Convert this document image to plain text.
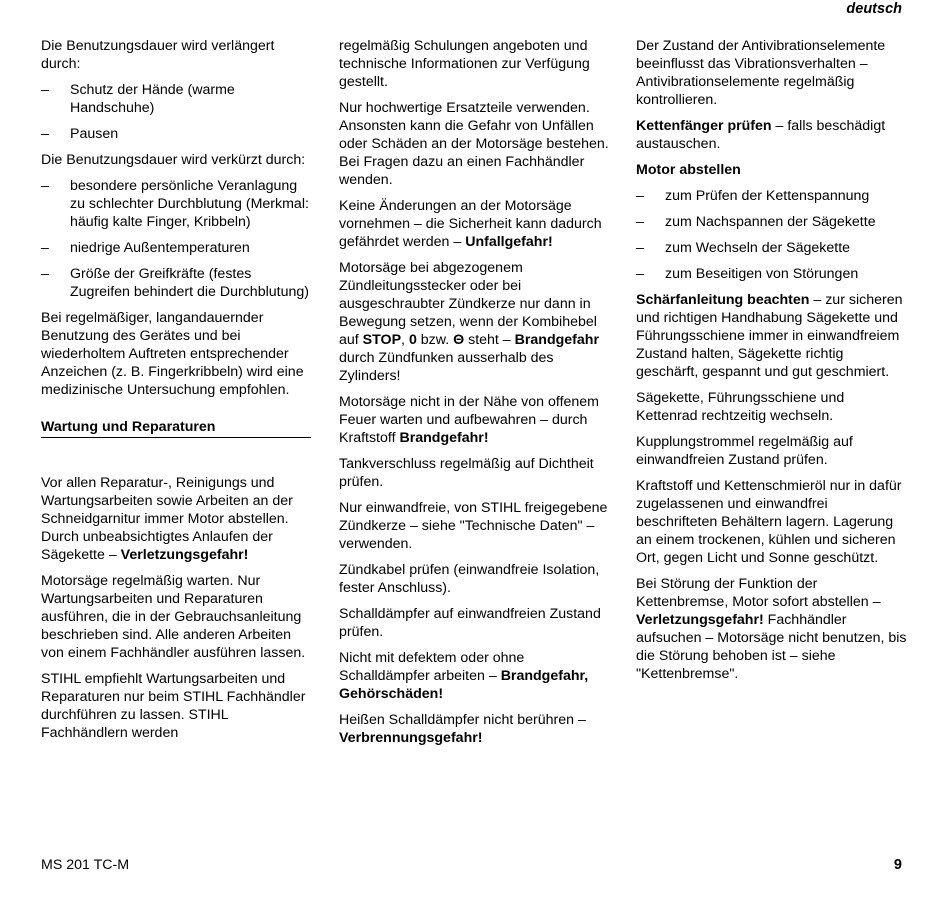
deutsch

Die Benutzungsdauer wird verlängert durch:

–	Schutz der Hände (warme Handschuhe)
–	Pausen

Die Benutzungsdauer wird verkürzt durch:

–	besondere persönliche Veranlagung zu schlechter Durchblutung (Merkmal: häufig kalte Finger, Kribbeln)
–	niedrige Außentemperaturen
–	Größe der Greifkräfte (festes Zugreifen behindert die Durchblutung)

Bei regelmäßiger, langandauernder Benutzung des Gerätes und bei wiederholtem Auftreten entsprechender Anzeichen (z. B. Fingerkribbeln) wird eine medizinische Untersuchung empfohlen.

Wartung und Reparaturen

Vor allen Reparatur-, Reinigungs und Wartungsarbeiten sowie Arbeiten an der Schneidgarnitur immer Motor abstellen. Durch unbeabsichtigtes Anlaufen der Sägekette – Verletzungsgefahr!

Motorsäge regelmäßig warten. Nur Wartungsarbeiten und Reparaturen ausführen, die in der Gebrauchsanleitung beschrieben sind. Alle anderen Arbeiten von einem Fachhändler ausführen lassen.

STIHL empfiehlt Wartungsarbeiten und Reparaturen nur beim STIHL Fachhändler durchführen zu lassen. STIHL Fachhändlern werden

regelmäßig Schulungen angeboten und technische Informationen zur Verfügung gestellt.

Nur hochwertige Ersatzteile verwenden. Ansonsten kann die Gefahr von Unfällen oder Schäden an der Motorsäge bestehen. Bei Fragen dazu an einen Fachhändler wenden.

Keine Änderungen an der Motorsäge vornehmen – die Sicherheit kann dadurch gefährdet werden – Unfallgefahr!

Motorsäge bei abgezogenem Zündleitungsstecker oder bei ausgeschraubter Zündkerze nur dann in Bewegung setzen, wenn der Kombihebel auf STOP, 0 bzw. Θ steht – Brandgefahr durch Zündfunken ausserhalb des Zylinders!

Motorsäge nicht in der Nähe von offenem Feuer warten und aufbewahren – durch Kraftstoff Brandgefahr!

Tankverschluss regelmäßig auf Dichtheit prüfen.

Nur einwandfreie, von STIHL freigegebene Zündkerze – siehe "Technische Daten" – verwenden.

Zündkabel prüfen (einwandfreie Isolation, fester Anschluss).

Schalldämpfer auf einwandfreien Zustand prüfen.

Nicht mit defektem oder ohne Schalldämpfer arbeiten – Brandgefahr, Gehörschäden!

Heißen Schalldämpfer nicht berühren – Verbrennungsgefahr!

Der Zustand der Antivibrationselemente beeinflusst das Vibrationsverhalten – Antivibrationselemente regelmäßig kontrollieren.

Kettenfänger prüfen – falls beschädigt austauschen.

Motor abstellen

–	zum Prüfen der Kettenspannung
–	zum Nachspannen der Sägekette
–	zum Wechseln der Sägekette
–	zum Beseitigen von Störungen

Schärfanleitung beachten – zur sicheren und richtigen Handhabung Sägekette und Führungsschiene immer in einwandfreiem Zustand halten, Sägekette richtig geschärft, gespannt und gut geschmiert.

Sägekette, Führungsschiene und Kettenrad rechtzeitig wechseln.

Kupplungstrommel regelmäßig auf einwandfreien Zustand prüfen.

Kraftstoff und Kettenschmieröl nur in dafür zugelassenen und einwandfrei beschrifteten Behältern lagern. Lagerung an einem trockenen, kühlen und sicheren Ort, gegen Licht und Sonne geschützt.

Bei Störung der Funktion der Kettenbremse, Motor sofort abstellen – Verletzungsgefahr! Fachhändler aufsuchen – Motorsäge nicht benutzen, bis die Störung behoben ist – siehe "Kettenbremse".

MS 201 TC-M	9
